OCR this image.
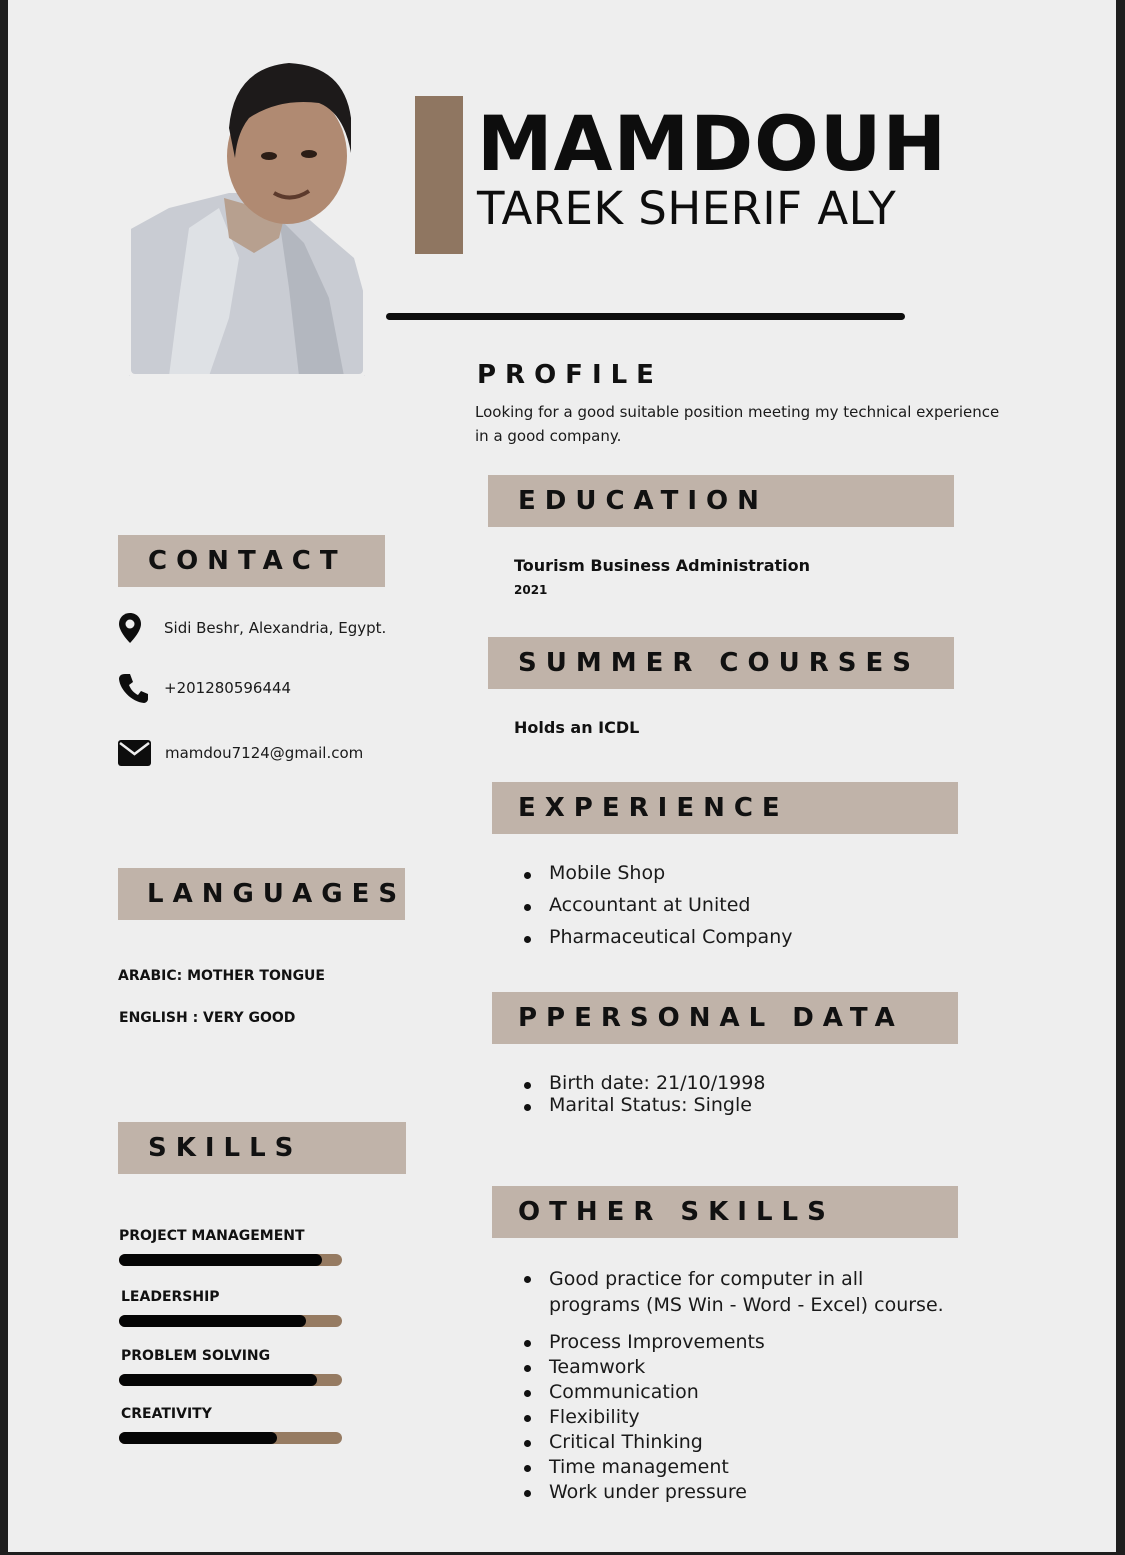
MAMDOUH
TAREK SHERIF ALY
PROFILE
Looking for a good suitable position meeting my technical experience
in a good company.
EDUCATION
Tourism Business Administration
2021
SUMMER COURSES
Holds an ICDL
EXPERIENCE
Mobile Shop
Accountant at United
Pharmaceutical Company
PPERSONAL DATA
Birth date: 21/10/1998
Marital Status: Single
OTHER SKILLS
Good practice for computer in all
programs (MS Win - Word - Excel) course.
Process Improvements
Teamwork
Communication
Flexibility
Critical Thinking
Time management
Work under pressure
CONTACT
Sidi Beshr, Alexandria, Egypt.
+201280596444
mamdou7124@gmail.com
LANGUAGES
ARABIC: MOTHER TONGUE
ENGLISH : VERY GOOD
SKILLS
PROJECT MANAGEMENT
LEADERSHIP
PROBLEM SOLVING
CREATIVITY
